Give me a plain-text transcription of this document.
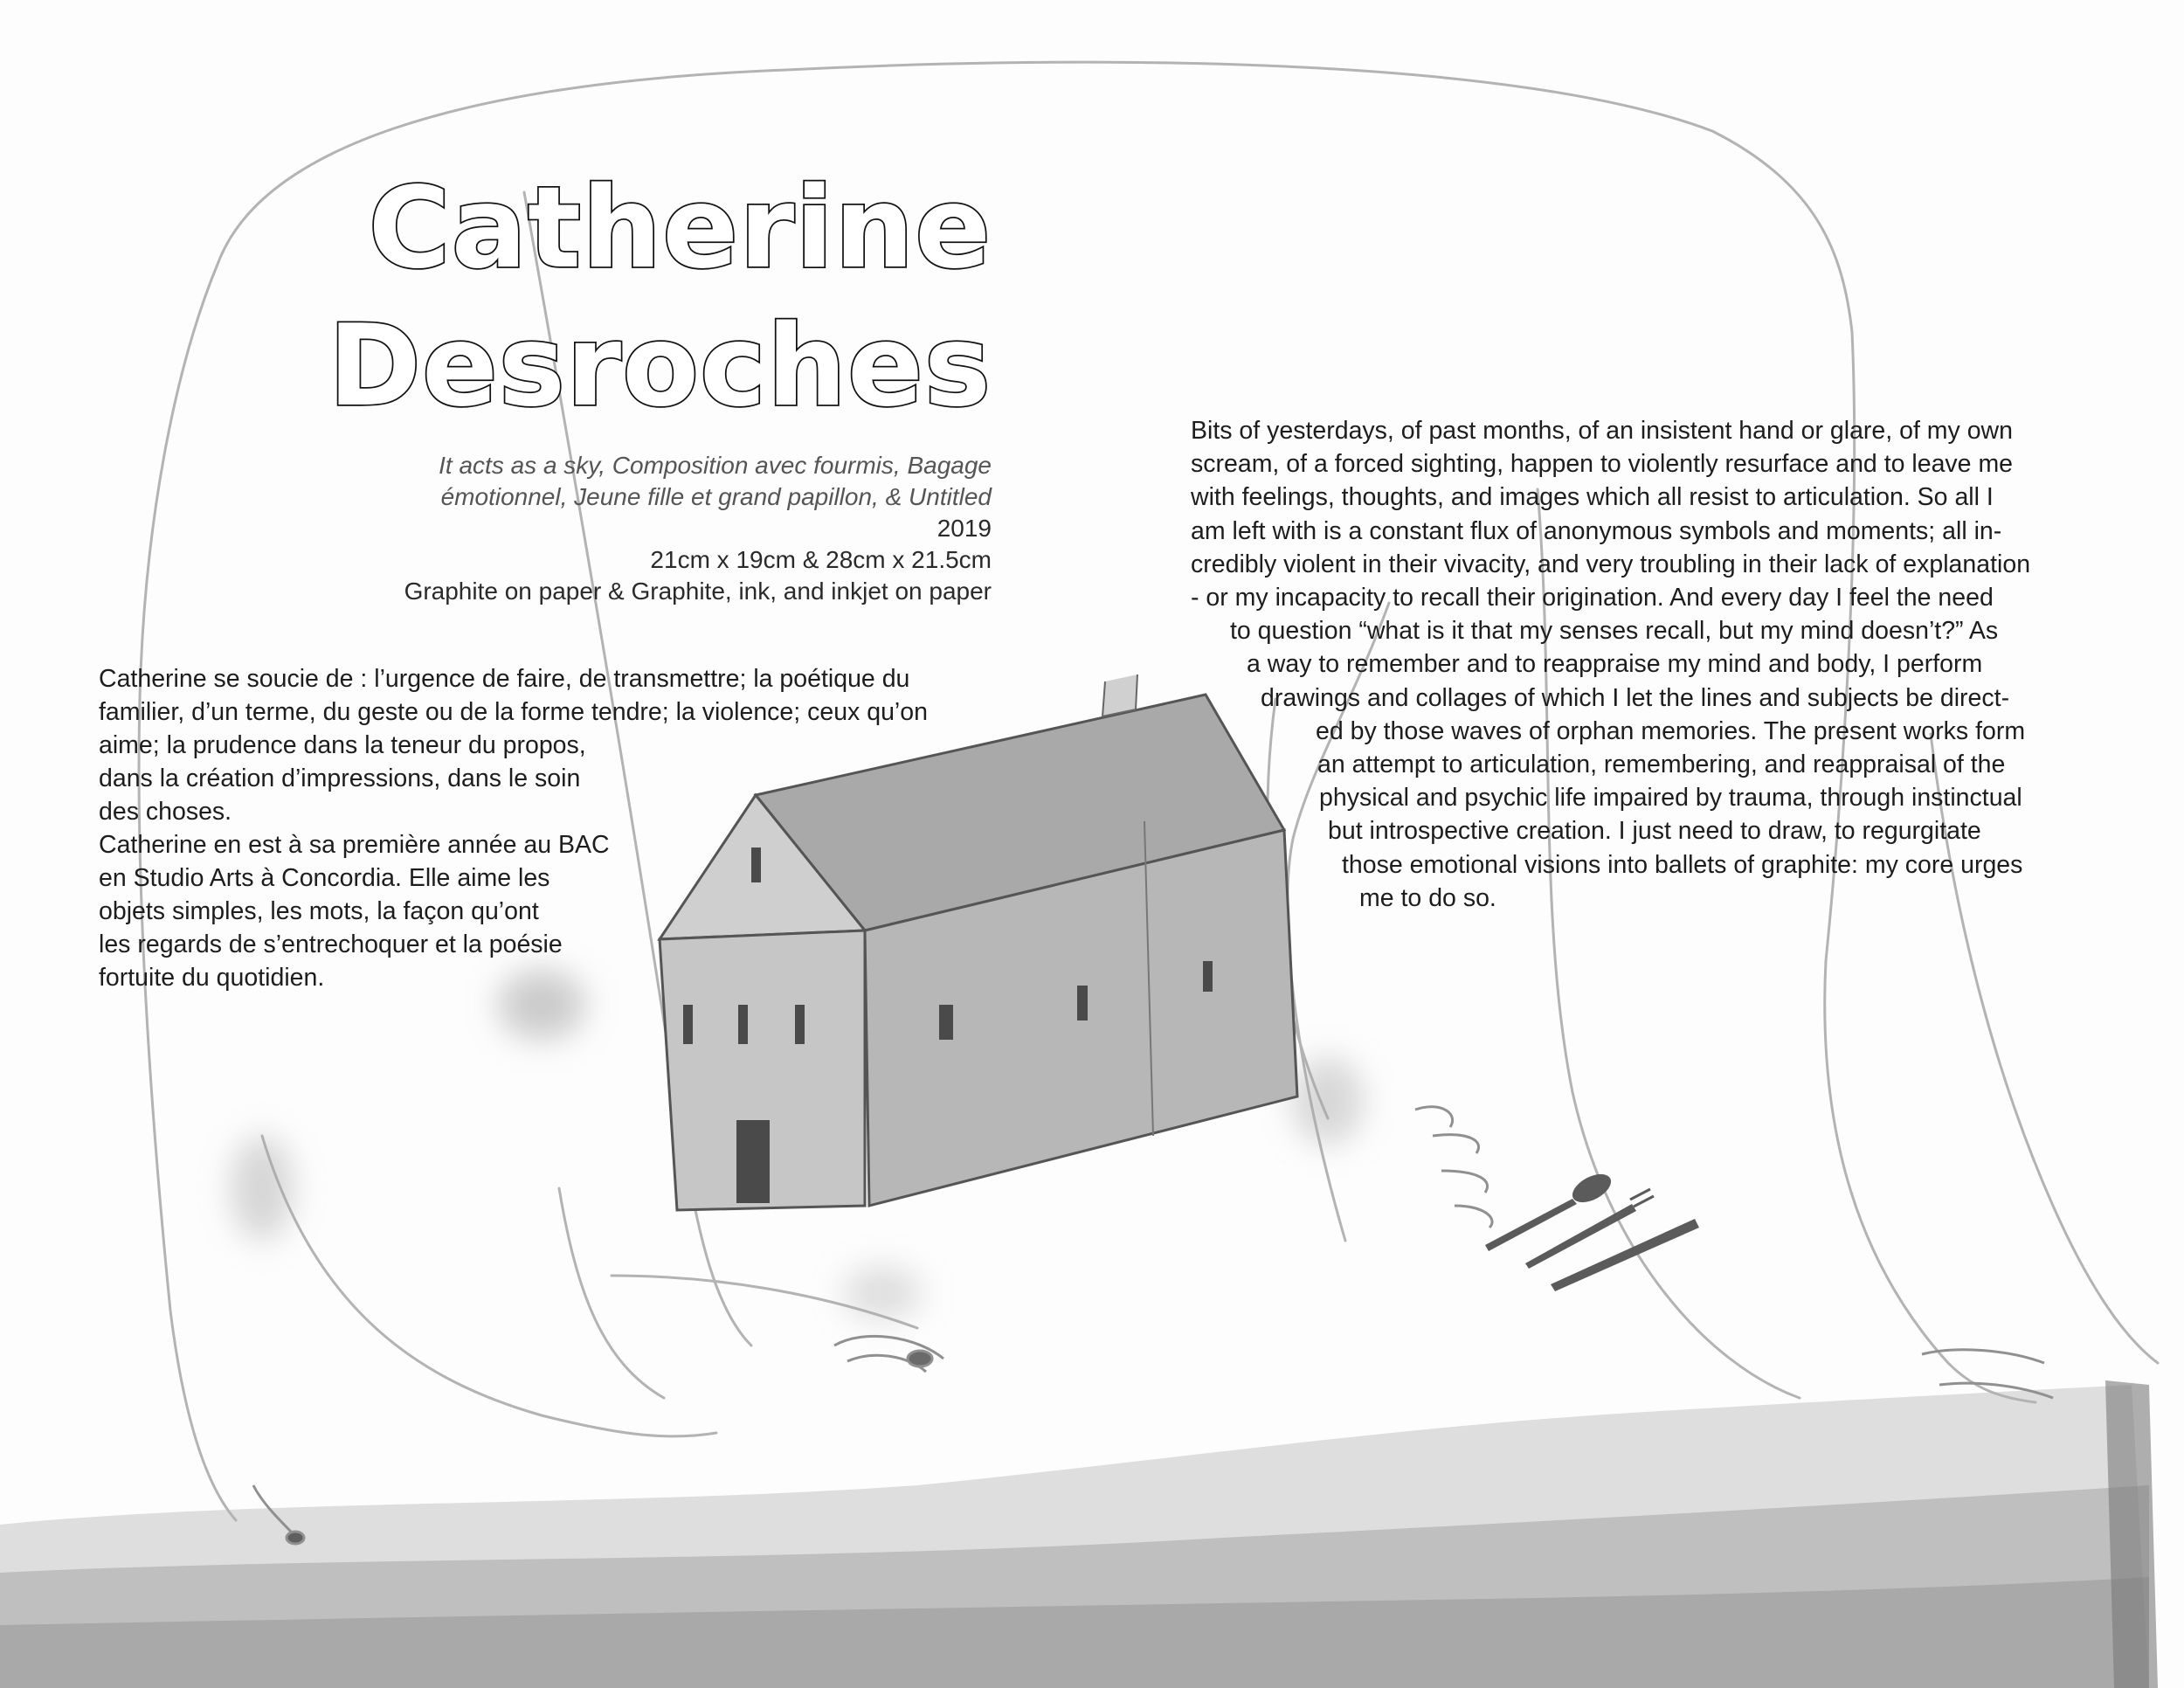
Catherine
Desroches
It acts as a sky, Composition avec fourmis, Bagage
émotionnel, Jeune fille et grand papillon, & Untitled
2019
21cm x 19cm & 28cm x 21.5cm
Graphite on paper & Graphite, ink, and inkjet on paper
Catherine se soucie de : l’urgence de faire, de transmettre; la poétique du
familier, d’un terme, du geste ou de la forme tendre; la violence; ceux qu’on
aime; la prudence dans la teneur du propos,
dans la création d’impressions, dans le soin
des choses.
Catherine en est à sa première année au BAC
en Studio Arts à Concordia. Elle aime les
objets simples, les mots, la façon qu’ont
les regards de s’entrechoquer et la poésie
fortuite du quotidien.
Bits of yesterdays, of past months, of an insistent hand or glare, of my own
scream, of a forced sighting, happen to violently resurface and to leave me
with feelings, thoughts, and images which all resist to articulation. So all I
am left with is a constant flux of anonymous symbols and moments; all in-
credibly violent in their vivacity, and very troubling in their lack of explanation
- or my incapacity to recall their origination. And every day I feel the need
to question “what is it that my senses recall, but my mind doesn’t?” As
a way to remember and to reappraise my mind and body, I perform
drawings and collages of which I let the lines and subjects be direct-
ed by those waves of orphan memories. The present works form
an attempt to articulation, remembering, and reappraisal of the
physical and psychic life impaired by trauma, through instinctual
but introspective creation. I just need to draw, to regurgitate
those emotional visions into ballets of graphite: my core urges
me to do so.
